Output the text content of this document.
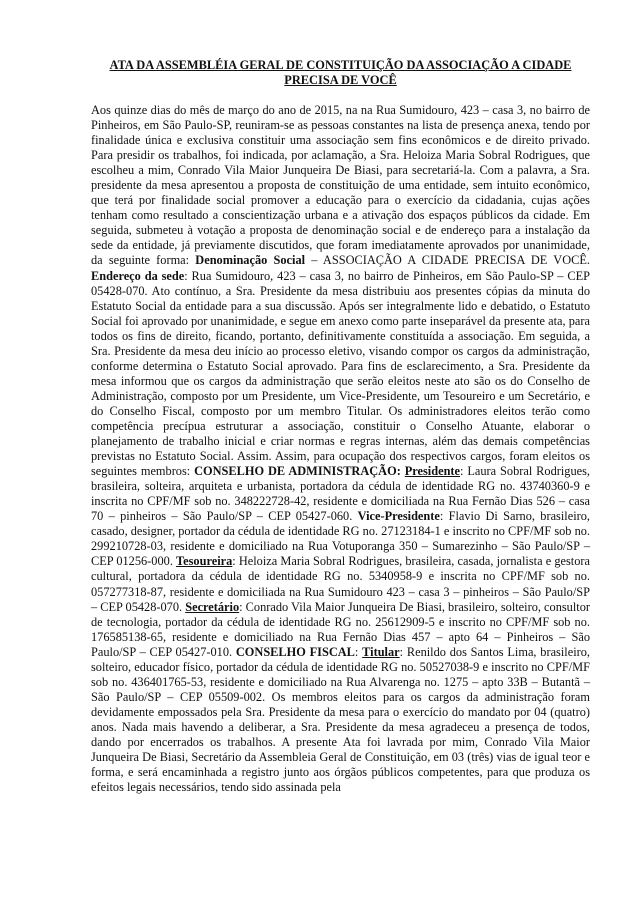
ATA DA ASSEMBLÉIA GERAL DE CONSTITUIÇÃO DA ASSOCIAÇÃO A CIDADE PRECISA DE VOCÊ

Aos quinze dias do mês de março do ano de 2015, na na Rua Sumidouro, 423 – casa 3, no bairro de Pinheiros, em São Paulo-SP, reuniram-se as pessoas constantes na lista de presença anexa, tendo por finalidade única e exclusiva constituir uma associação sem fins econômicos e de direito privado. Para presidir os trabalhos, foi indicada, por aclamação, a Sra. Heloiza Maria Sobral Rodrigues, que escolheu a mim, Conrado Vila Maior Junqueira De Biasi, para secretariá-la. Com a palavra, a Sra. presidente da mesa apresentou a proposta de constituição de uma entidade, sem intuito econômico, que terá por finalidade social promover a educação para o exercício da cidadania, cujas ações tenham como resultado a conscientização urbana e a ativação dos espaços públicos da cidade. Em seguida, submeteu à votação a proposta de denominação social e de endereço para a instalação da sede da entidade, já previamente discutidos, que foram imediatamente aprovados por unanimidade, da seguinte forma: Denominação Social – ASSOCIAÇÃO A CIDADE PRECISA DE VOCÊ. Endereço da sede: Rua Sumidouro, 423 – casa 3, no bairro de Pinheiros, em São Paulo-SP – CEP 05428-070. Ato contínuo, a Sra. Presidente da mesa distribuiu aos presentes cópias da minuta do Estatuto Social da entidade para a sua discussão. Após ser integralmente lido e debatido, o Estatuto Social foi aprovado por unanimidade, e segue em anexo como parte inseparável da presente ata, para todos os fins de direito, ficando, portanto, definitivamente constituída a associação. Em seguida, a Sra. Presidente da mesa deu início ao processo eletivo, visando compor os cargos da administração, conforme determina o Estatuto Social aprovado. Para fins de esclarecimento, a Sra. Presidente da mesa informou que os cargos da administração que serão eleitos neste ato são os do Conselho de Administração, composto por um Presidente, um Vice-Presidente, um Tesoureiro e um Secretário, e do Conselho Fiscal, composto por um membro Titular. Os administradores eleitos terão como competência precípua estruturar a associação, constituir o Conselho Atuante, elaborar o planejamento de trabalho inicial e criar normas e regras internas, além das demais competências previstas no Estatuto Social. Assim. Assim, para ocupação dos respectivos cargos, foram eleitos os seguintes membros: CONSELHO DE ADMINISTRAÇÃO: Presidente: Laura Sobral Rodrigues, brasileira, solteira, arquiteta e urbanista, portadora da cédula de identidade RG no. 43740360-9 e inscrita no CPF/MF sob no. 348222728-42, residente e domiciliada na Rua Fernão Dias 526 – casa 70 – pinheiros – São Paulo/SP – CEP 05427-060. Vice-Presidente: Flavio Di Sarno, brasileiro, casado, designer, portador da cédula de identidade RG no. 27123184-1 e inscrito no CPF/MF sob no. 299210728-03, residente e domiciliado na Rua Votuporanga 350 – Sumarezinho – São Paulo/SP – CEP 01256-000. Tesoureira: Heloiza Maria Sobral Rodrigues, brasileira, casada, jornalista e gestora cultural, portadora da cédula de identidade RG no. 5340958-9 e inscrita no CPF/MF sob no. 057277318-87, residente e domiciliada na Rua Sumidouro 423 – casa 3 – pinheiros – São Paulo/SP – CEP 05428-070. Secretário: Conrado Vila Maior Junqueira De Biasi, brasileiro, solteiro, consultor de tecnologia, portador da cédula de identidade RG no. 25612909-5 e inscrito no CPF/MF sob no. 176585138-65, residente e domiciliado na Rua Fernão Dias 457 – apto 64 – Pinheiros – São Paulo/SP – CEP 05427-010. CONSELHO FISCAL: Titular: Renildo dos Santos Lima, brasileiro, solteiro, educador físico, portador da cédula de identidade RG no. 50527038-9 e inscrito no CPF/MF sob no. 436401765-53, residente e domiciliado na Rua Alvarenga no. 1275 – apto 33B – Butantã – São Paulo/SP – CEP 05509-002. Os membros eleitos para os cargos da administração foram devidamente empossados pela Sra. Presidente da mesa para o exercício do mandato por 04 (quatro) anos. Nada mais havendo a deliberar, a Sra. Presidente da mesa agradeceu a presença de todos, dando por encerrados os trabalhos. A presente Ata foi lavrada por mim, Conrado Vila Maior Junqueira De Biasi, Secretário da Assembleia Geral de Constituição, em 03 (três) vias de igual teor e forma, e será encaminhada a registro junto aos órgãos públicos competentes, para que produza os efeitos legais necessários, tendo sido assinada pela
